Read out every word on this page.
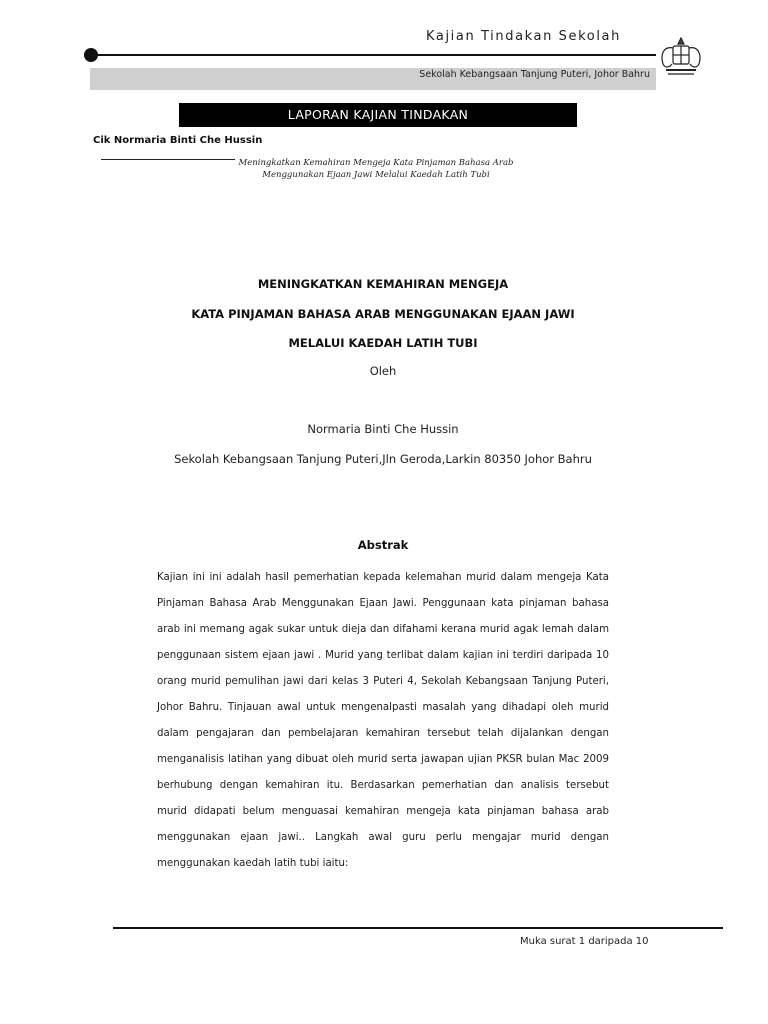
Kajian Tindakan Sekolah
Sekolah Kebangsaan Tanjung Puteri, Johor Bahru
LAPORAN KAJIAN TINDAKAN
Cik Normaria Binti Che Hussin
Meningkatkan Kemahiran Mengeja Kata Pinjaman Bahasa Arab
Menggunakan Ejaan Jawi Melalui Kaedah Latih Tubi
MENINGKATKAN KEMAHIRAN MENGEJA
KATA PINJAMAN BAHASA ARAB MENGGUNAKAN EJAAN JAWI
MELALUI KAEDAH LATIH TUBI
Oleh
Normaria Binti Che Hussin
Sekolah Kebangsaan Tanjung Puteri,Jln Geroda,Larkin 80350 Johor Bahru
Abstrak
Kajian ini ini adalah hasil pemerhatian kepada kelemahan murid dalam mengeja Kata Pinjaman Bahasa Arab Menggunakan Ejaan Jawi. Penggunaan kata pinjaman bahasa arab ini memang agak sukar untuk dieja dan difahami kerana murid agak lemah dalam penggunaan sistem ejaan jawi . Murid yang terlibat dalam kajian ini terdiri daripada 10 orang murid pemulihan jawi dari kelas 3 Puteri 4, Sekolah Kebangsaan Tanjung Puteri, Johor Bahru. Tinjauan awal untuk mengenalpasti masalah yang dihadapi oleh murid dalam pengajaran dan pembelajaran kemahiran tersebut telah dijalankan dengan menganalisis latihan yang dibuat oleh murid serta jawapan ujian PKSR bulan Mac 2009 berhubung dengan kemahiran itu. Berdasarkan pemerhatian dan analisis tersebut murid didapati belum menguasai kemahiran mengeja kata pinjaman bahasa arab menggunakan ejaan jawi.. Langkah awal guru perlu mengajar murid dengan menggunakan kaedah latih tubi iaitu:
Muka surat 1 daripada 10
